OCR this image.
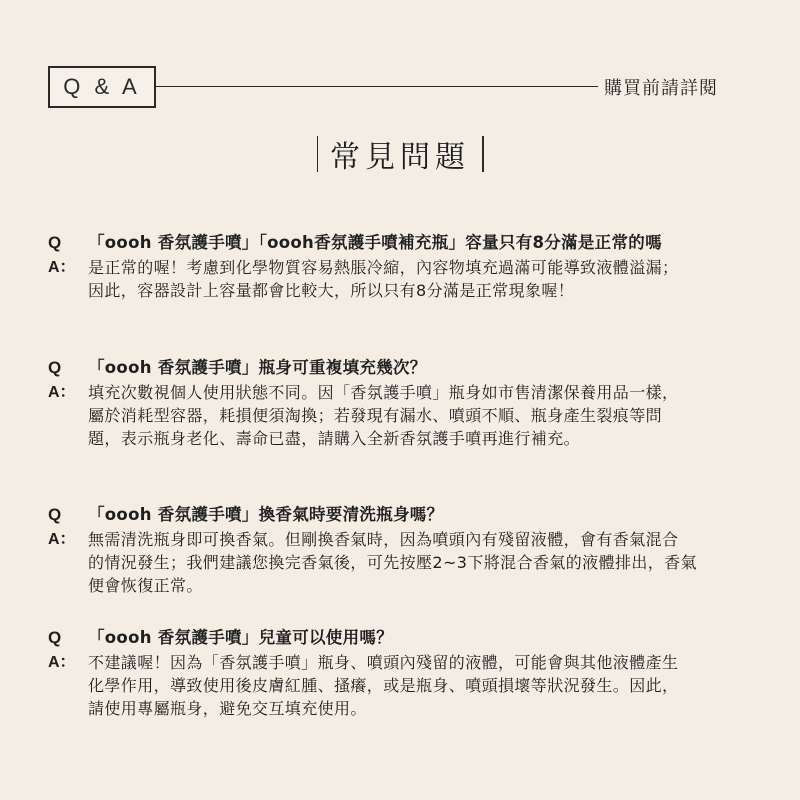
Q & A	購買前請詳閱
常見問題
Q	「oooh 香氛護手噴」「oooh香氛護手噴補充瓶」容量只有8分滿是正常的嗎
A： 是正常的喔！考慮到化學物質容易熱脹冷縮，內容物填充過滿可能導致液體溢漏；
因此，容器設計上容量都會比較大，所以只有8分滿是正常現象喔！
Q	「oooh 香氛護手噴」瓶身可重複填充幾次？
A： 填充次數視個人使用狀態不同。因「香氛護手噴」瓶身如市售清潔保養用品一樣，
屬於消耗型容器，耗損便須淘換；若發現有漏水、噴頭不順、瓶身產生裂痕等問
題，表示瓶身老化、壽命已盡，請購入全新香氛護手噴再進行補充。
Q	「oooh 香氛護手噴」換香氣時要清洗瓶身嗎？
A： 無需清洗瓶身即可換香氣。但剛換香氣時，因為噴頭內有殘留液體，會有香氣混合
的情況發生；我們建議您換完香氣後，可先按壓2~3下將混合香氣的液體排出，香氣
便會恢復正常。
Q	「oooh 香氛護手噴」兒童可以使用嗎？
A： 不建議喔！因為「香氛護手噴」瓶身、噴頭內殘留的液體，可能會與其他液體產生
化學作用，導致使用後皮膚紅腫、搔癢，或是瓶身、噴頭損壞等狀況發生。因此，
請使用專屬瓶身，避免交互填充使用。
